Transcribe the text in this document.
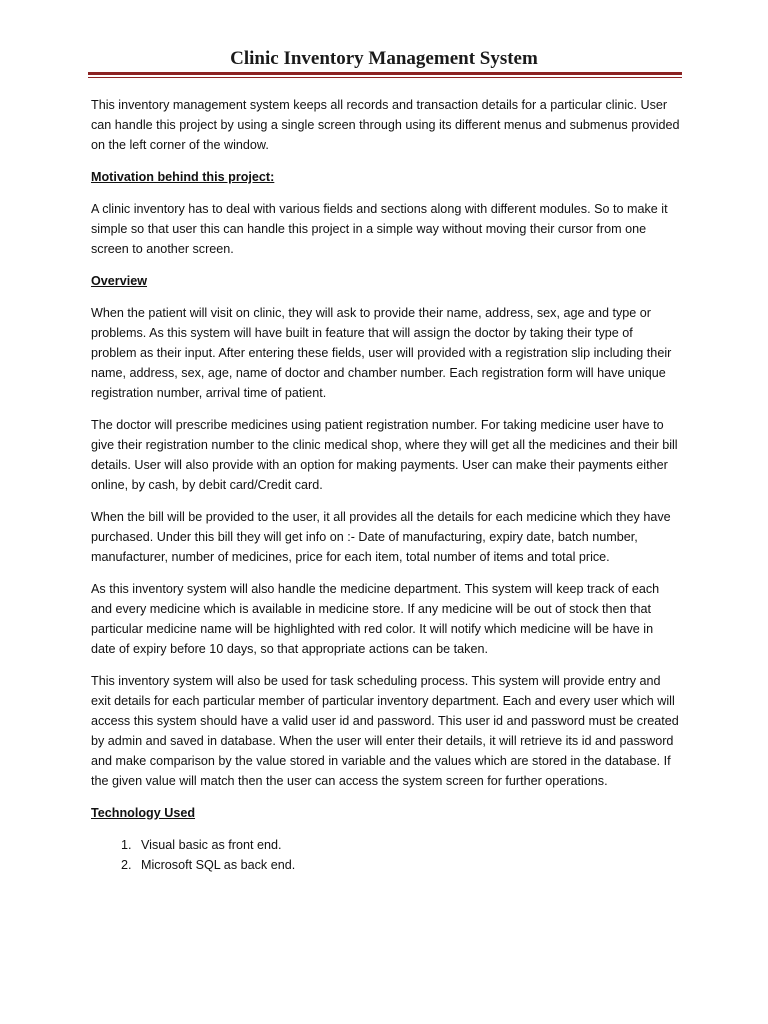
Clinic Inventory Management System

This inventory management system keeps all records and transaction details for a particular clinic. User can handle this project by using a single screen through using its different menus and submenus provided on the left corner of the window.

Motivation behind this project:

A clinic inventory has to deal with various fields and sections along with different modules. So to make it simple so that user this can handle this project in a simple way without moving their cursor from one screen to another screen.

Overview

When the patient will visit on clinic, they will ask to provide their name, address, sex, age and type or problems. As this system will have built in feature that will assign the doctor by taking their type of problem as their input. After entering these fields, user will provided with a registration slip including their name, address, sex, age, name of doctor and chamber number. Each registration form will have unique registration number, arrival time of patient.

The doctor will prescribe medicines using patient registration number. For taking medicine user have to give their registration number to the clinic medical shop, where they will get all the medicines and their bill details. User will also provide with an option for making payments. User can make their payments either online, by cash, by debit card/Credit card.

When the bill will be provided to the user, it all provides all the details for each medicine which they have purchased. Under this bill they will get info on :- Date of manufacturing, expiry date, batch number, manufacturer, number of medicines, price for each item, total number of items and total price.

As this inventory system will also handle the medicine department. This system will keep track of each and every medicine which is available in medicine store. If any medicine will be out of stock then that particular medicine name will be highlighted with red color. It will notify which medicine will be have in date of expiry before 10 days, so that appropriate actions can be taken.

This inventory system will also be used for task scheduling process. This system will provide entry and exit details for each particular member of particular inventory department. Each and every user which will access this system should have a valid user id and password. This user id and password must be created by admin and saved in database. When the user will enter their details, it will retrieve its id and password and make comparison by the value stored in variable and the values which are stored in the database. If the given value will match then the user can access the system screen for further operations.

Technology Used
1. Visual basic as front end.
2. Microsoft SQL as back end.
